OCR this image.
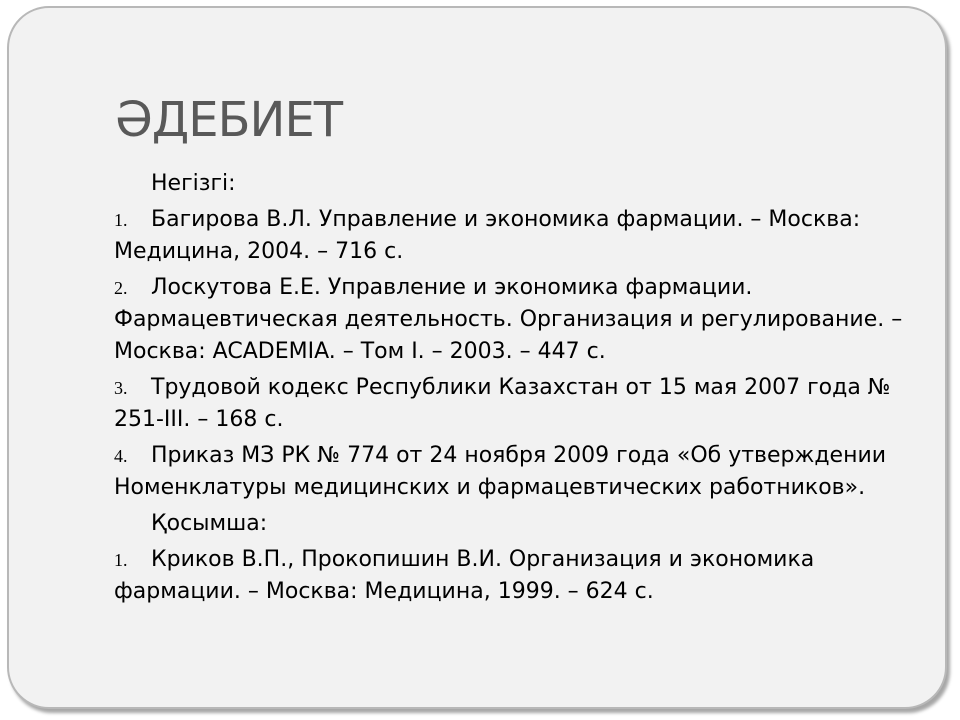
ӘДЕБИЕТ

Негізгі:

1. Багирова В.Л. Управление и экономика фармации. – Москва: Медицина, 2004. – 716 с.

2. Лоскутова Е.Е. Управление и экономика фармации. Фармацевтическая деятельность. Организация и регулирование. – Москва: ACADEMIA. – Том I. – 2003. – 447 с.

3. Трудовой кодекс Республики Казахстан от 15 мая 2007 года № 251-III. – 168 с.

4. Приказ МЗ РК № 774 от 24 ноября 2009 года «Об утверждении Номенклатуры медицинских и фармацевтических работников».

Қосымша:

1. Криков В.П., Прокопишин В.И. Организация и экономика фармации. – Москва: Медицина, 1999. – 624 с.
